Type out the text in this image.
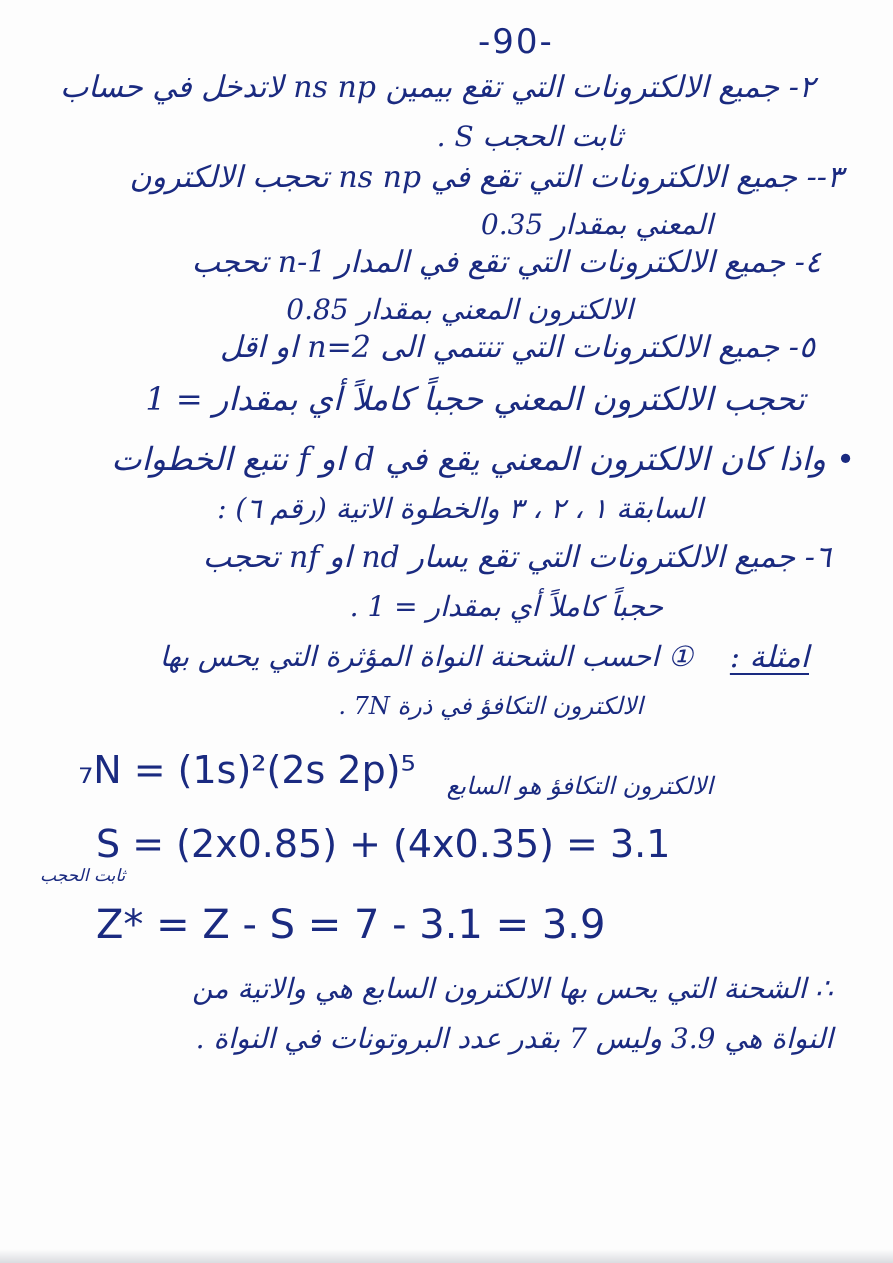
-90-
٢- جميع الالكترونات التي تقع بيمين ns np لاتدخل في حساب
ثابت الحجب S .
٣-- جميع الالكترونات التي تقع في ns np تحجب الالكترون
المعني بمقدار 0.35
٤- جميع الالكترونات التي تقع في المدار n-1 تحجب
الالكترون المعني بمقدار 0.85
٥- جميع الالكترونات التي تنتمي الى n=2 او اقل
تحجب الالكترون المعني حجباً كاملاً أي بمقدار = 1
• واذا كان الالكترون المعني يقع في d او f نتبع الخطوات
السابقة ١ ، ٢ ، ٣ والخطوة الاتية (رقم ٦) :
٦- جميع الالكترونات التي تقع يسار nd او nf تحجب
حجباً كاملاً أي بمقدار = 1 .
امثلة :
① احسب الشحنة النواة المؤثرة التي يحس بها
الالكترون التكافؤ في ذرة 7N .
₇N = (1s)²(2s 2p)⁵ الالكترون التكافؤ هو السابع
S = (2x0.85) + (4x0.35) = 3.1
ثابت الحجب
Z* = Z - S = 7 - 3.1 = 3.9
∴ الشحنة التي يحس بها الالكترون السابع هي والاتية من
النواة هي 3.9 وليس 7 بقدر عدد البروتونات في النواة .
